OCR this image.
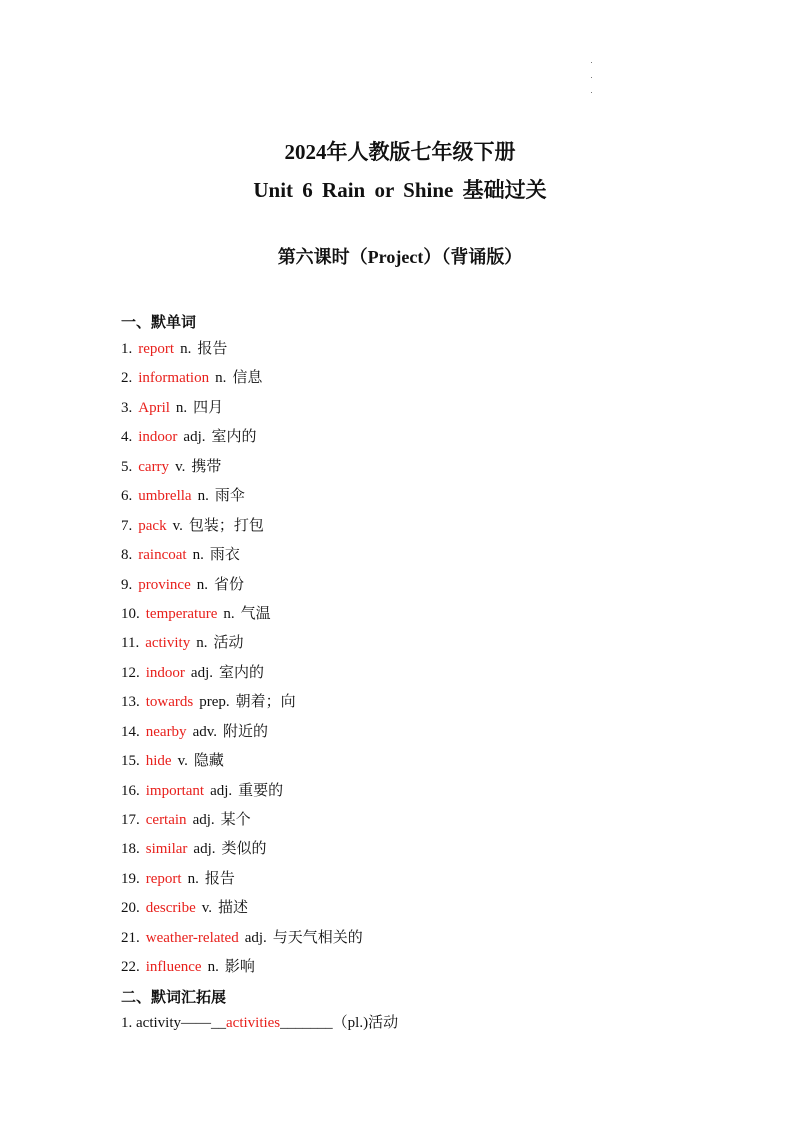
2024年人教版七年级下册
Unit 6 Rain or Shine 基础过关
第六课时（Project）（背诵版）
一、默单词
1. report n. 报告
2. information n. 信息
3. April n. 四月
4. indoor adj. 室内的
5. carry v. 携带
6. umbrella n. 雨伞
7. pack v. 包装；打包
8. raincoat n. 雨衣
9. province n. 省份
10. temperature n. 气温
11. activity n. 活动
12. indoor adj. 室内的
13. towards prep. 朝着；向
14. nearby adv. 附近的
15. hide v. 隐藏
16. important adj. 重要的
17. certain adj. 某个
18. similar adj. 类似的
19. report n. 报告
20. describe v. 描述
21. weather-related adj. 与天气相关的
22. influence n. 影响
二、默词汇拓展
1. activity——__activities_______（pl.)活动
